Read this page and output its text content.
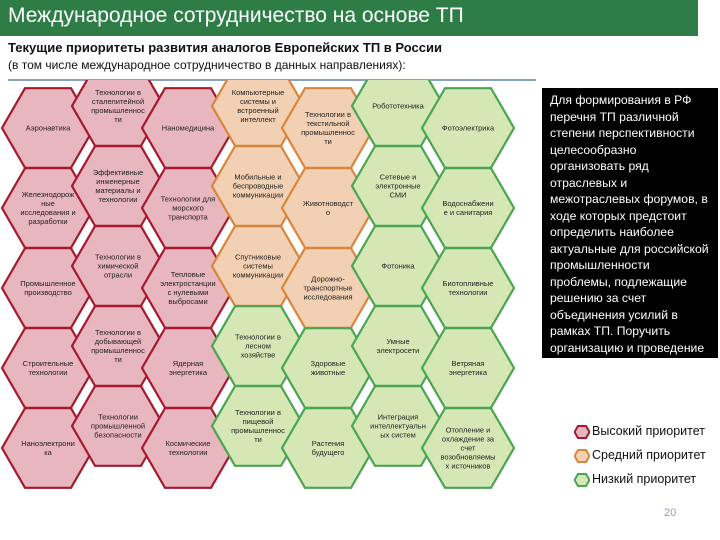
Международное сотрудничество на основе ТП
Текущие приоритеты развития аналогов Европейских ТП в России
(в том числе международное сотрудничество в данных направлениях):
Аэронавтика
Железнодорож
ные
исследования и
разработки
Промышленное
производство
Строительные
технологии
Нанoэлектрони
ка
Технологии в
сталелитейной
промышленнос
ти
Эффективные
инженерные
материалы и
технологии
Технологии в
химической
отрасли
Технологии в
добывающей
промышленнос
ти
Технологии
промышленной
безопасности
Наномедицина
Технологии для
морского
транспорта
Тепловые
электростанции
с нулевыми
выбросами
Ядерная
энергетика
Космические
технологии
Компьютерные
системы и
встроенный
интеллект
Мобильные и
беспроводные
коммуникации
Спутниковые
системы
коммуникации
Технологии в
лесном
хозяйстве
Технологии в
пищевой
промышленнос
ти
Технологии в
текстильной
промышленнос
ти
Животноводст
о
Дорожно-
транспортные
исследования
Здоровые
животные
Растения
будущего
Робототехника
Сетевые и
электронные
СМИ
Фотоника
Умные
электросети
Интеграция
интеллектуальн
ых систем
Фотоэлектрика
Водоснабжени
е и санитария
Биотопливные
технологии
Ветряная
энергетика
Отопление и
охлаждение за
счет
возобновляемы
х источников
Для формирования в РФ перечня ТП различной степени перспективности целесообразно организовать ряд отраслевых и межотраслевых форумов, в ходе которых предстоит определить наиболее актуальные для российской промышленности проблемы, подлежащие решению за счет объединения усилий в рамках ТП. Поручить организацию и проведение данных форумов целесообразно Минпромторгу, Минэнерго, Минобру, а также РСПП.
Высокий приоритет
Средний приоритет
Низкий приоритет
20
